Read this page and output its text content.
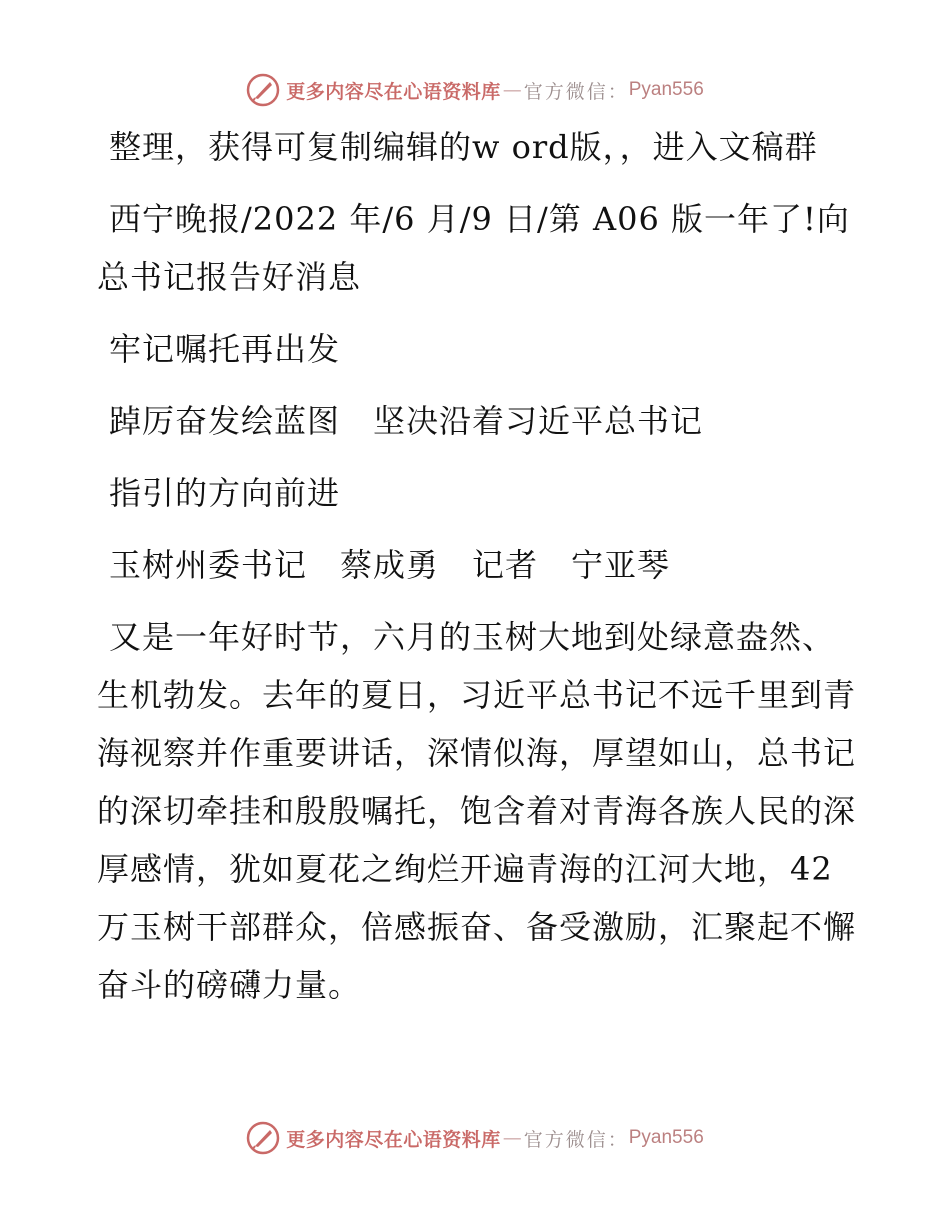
更多内容尽在心语资料库 — 官方微信： Pyan556

整理，获得可复制编辑的w ord版，，进入文稿群

西宁晚报/2022 年/6 月/9 日/第 A06 版一年了!向总书记报告好消息

牢记嘱托再出发

踔厉奋发绘蓝图　坚决沿着习近平总书记

指引的方向前进

玉树州委书记　蔡成勇　记者　宁亚琴

又是一年好时节，六月的玉树大地到处绿意盎然、生机勃发。去年的夏日，习近平总书记不远千里到青海视察并作重要讲话，深情似海，厚望如山，总书记的深切牵挂和殷殷嘱托，饱含着对青海各族人民的深厚感情，犹如夏花之绚烂开遍青海的江河大地，42 万玉树干部群众，倍感振奋、备受激励，汇聚起不懈奋斗的磅礴力量。

更多内容尽在心语资料库 — 官方微信： Pyan556
